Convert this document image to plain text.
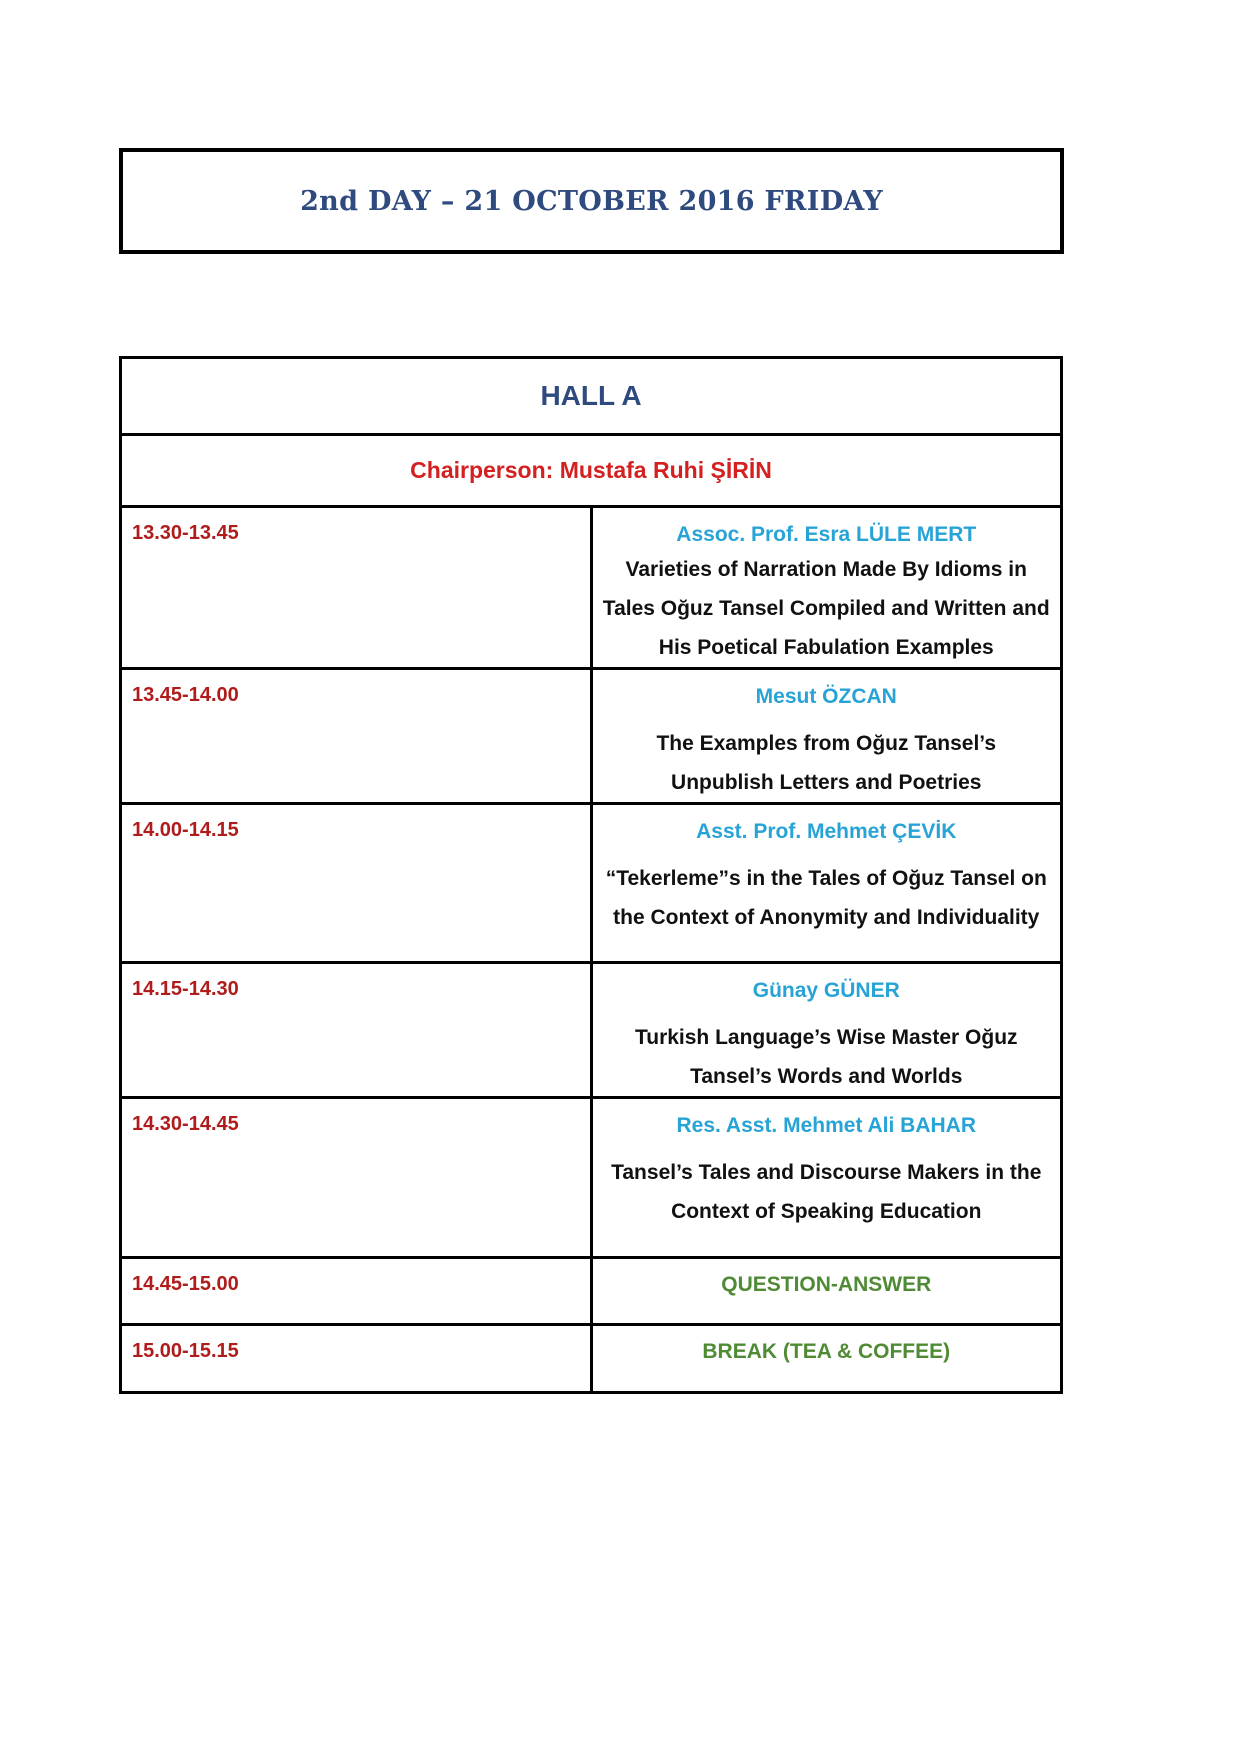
2nd DAY – 21 OCTOBER 2016 FRIDAY
HALL A	
Chairperson: Mustafa Ruhi ŞİRİN	
13.30-13.45	Assoc. Prof. Esra LÜLE MERT
Varieties of Narration Made By Idioms in Tales Oğuz Tansel Compiled and Written and His Poetical Fabulation Examples

13.45-14.00	Mesut ÖZCAN
The Examples from Oğuz Tansel’s Unpublish Letters and Poetries

14.00-14.15	Asst. Prof. Mehmet ÇEVİK
“Tekerleme”s in the Tales of Oğuz Tansel on the Context of Anonymity and Individuality

14.15-14.30	Günay GÜNER
Turkish Language’s Wise Master Oğuz Tansel’s Words and Worlds

14.30-14.45	Res. Asst. Mehmet Ali BAHAR
Tansel’s Tales and Discourse Makers in the Context of Speaking Education

14.45-15.00	QUESTION-ANSWER
15.00-15.15	BREAK (TEA & COFFEE)
